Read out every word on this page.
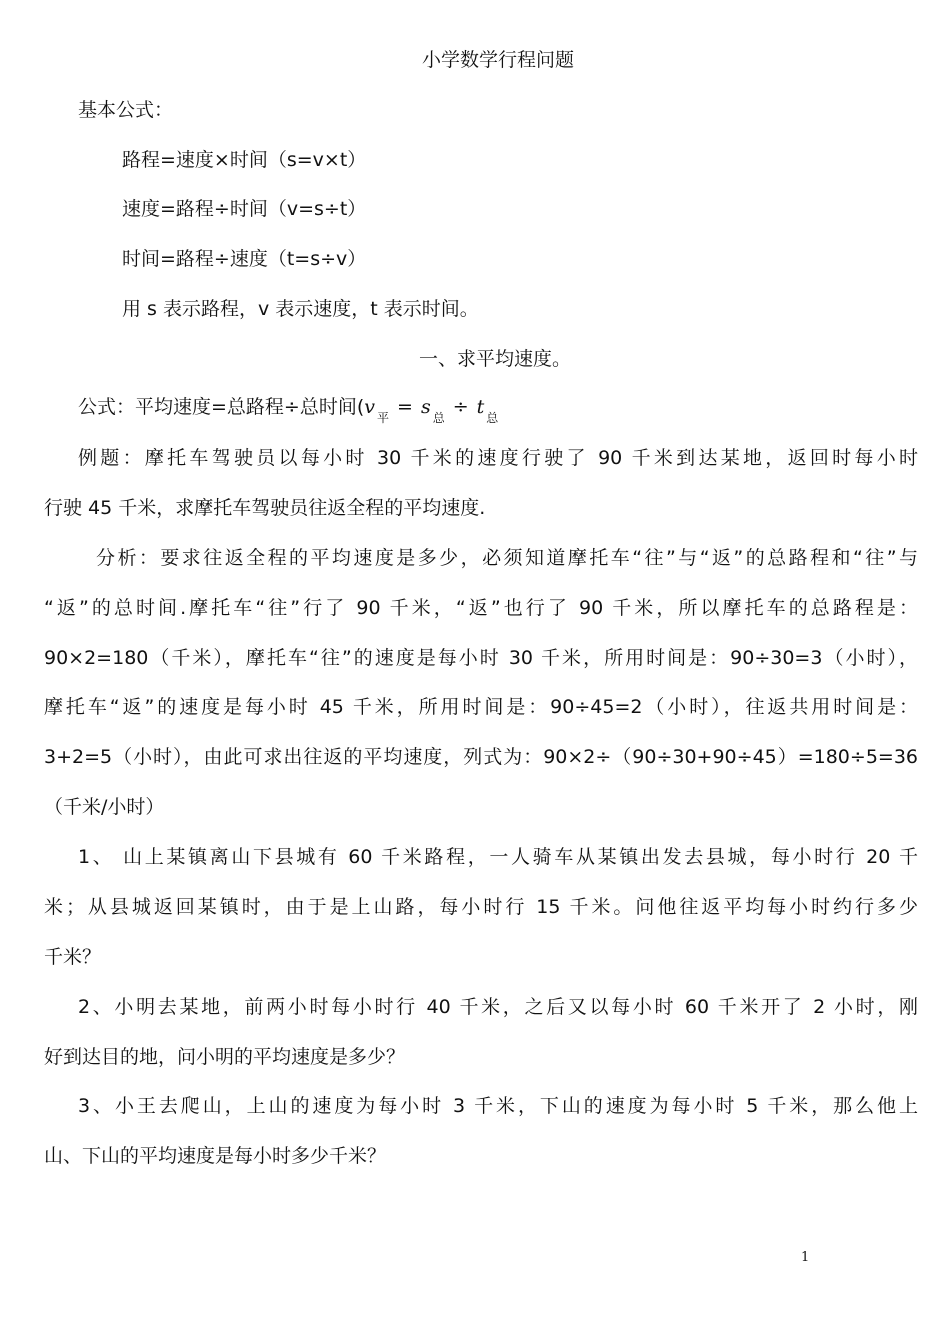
小学数学行程问题
基本公式：
路程=速度×时间（s=v×t）
速度=路程÷时间（v=s÷t）
时间=路程÷速度（t=s÷v）
用 s 表示路程，v 表示速度，t 表示时间。
一、求平均速度。
公式：平均速度=总路程÷总时间(v $_平$ = s $_总$ ÷ t $_总$
例题：摩托车驾驶员以每小时 30 千米的速度行驶了 90 千米到达某地，返回时每小时
行驶 45 千米，求摩托车驾驶员往返全程的平均速度.
分析：要求往返全程的平均速度是多少，必须知道摩托车“往”与“返”的总路程和“往”与
“返”的总时间.摩托车“往”行了 90 千米，“返”也行了 90 千米，所以摩托车的总路程是：
90×2=180（千米），摩托车“往”的速度是每小时 30 千米，所用时间是：90÷30=3（小时），
摩托车“返”的速度是每小时 45 千米，所用时间是：90÷45=2（小时），往返共用时间是：
3+2=5（小时），由此可求出往返的平均速度，列式为：90×2÷（90÷30+90÷45）=180÷5=36
（千米/小时）
1、 山上某镇离山下县城有 60 千米路程，一人骑车从某镇出发去县城，每小时行 20 千
米；从县城返回某镇时，由于是上山路，每小时行 15 千米。问他往返平均每小时约行多少
千米？
2、小明去某地，前两小时每小时行 40 千米，之后又以每小时 60 千米开了 2 小时，刚
好到达目的地，问小明的平均速度是多少？
3、小王去爬山，上山的速度为每小时 3 千米，下山的速度为每小时 5 千米，那么他上
山、下山的平均速度是每小时多少千米？
1
